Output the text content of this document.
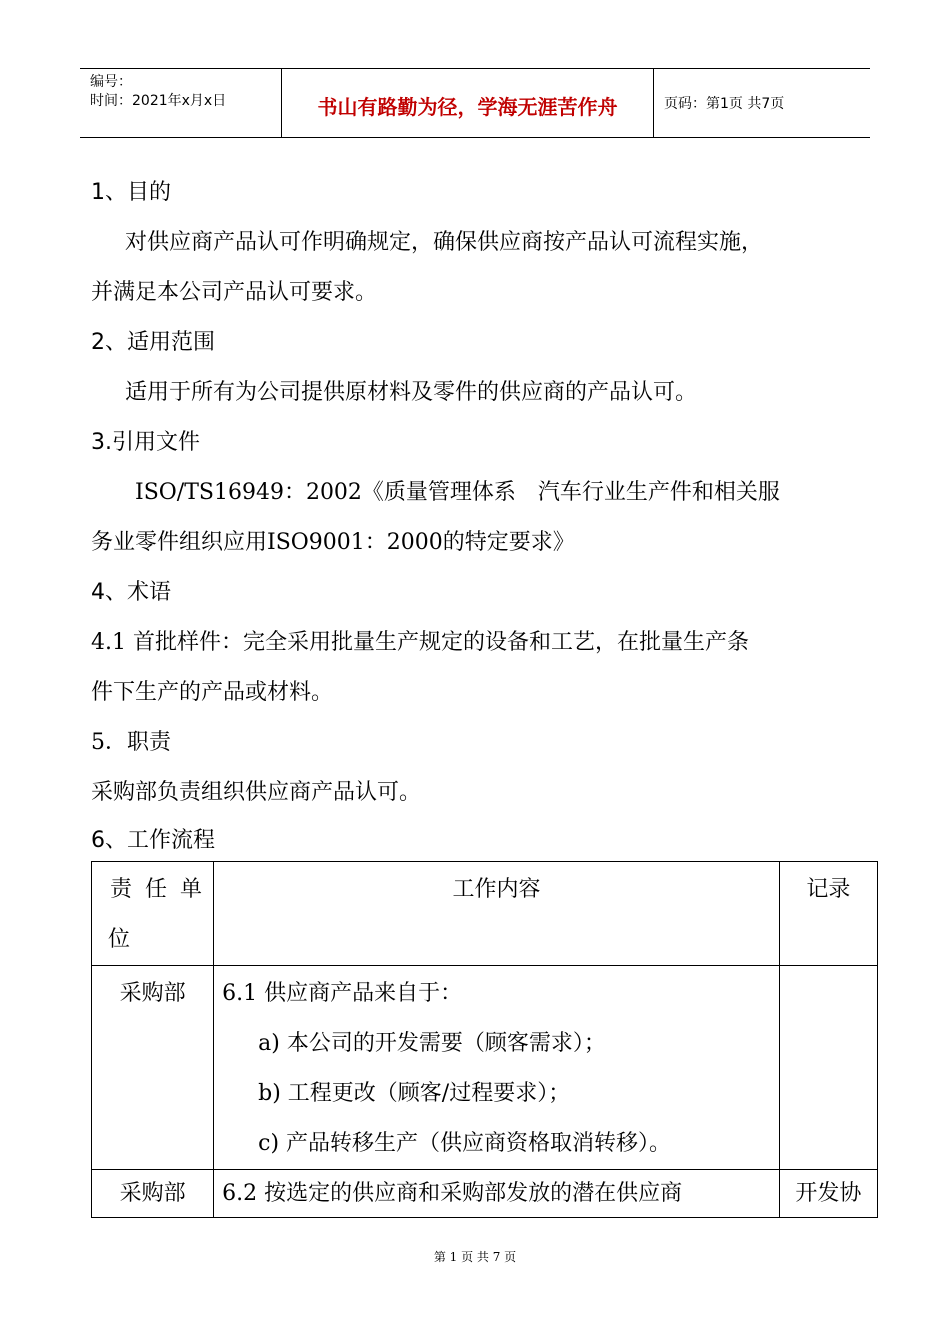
编号：
时间：2021年x月x日	书山有路勤为径，学海无涯苦作舟	页码：第1页 共7页
1、目的
对供应商产品认可作明确规定，确保供应商按产品认可流程实施，
并满足本公司产品认可要求。
2、适用范围
适用于所有为公司提供原材料及零件的供应商的产品认可。
3.引用文件
ISO/TS16949：2002《质量管理体系　汽车行业生产件和相关服
务业零件组织应用ISO9001：2000的特定要求》
4、术语
4.1 首批样件：完全采用批量生产规定的设备和工艺，在批量生产条
件下生产的产品或材料。
5．职责
采购部负责组织供应商产品认可。
6、工作流程
责 任 单
位	工作内容	记录

采购部	6.1 供应商产品来自于：
a) 本公司的开发需要（顾客需求）；
b) 工程更改（顾客/过程要求）；
c) 产品转移生产（供应商资格取消转移）。	

采购部	6.2 按选定的供应商和采购部发放的潜在供应商	开发协
第 1 页 共 7 页
